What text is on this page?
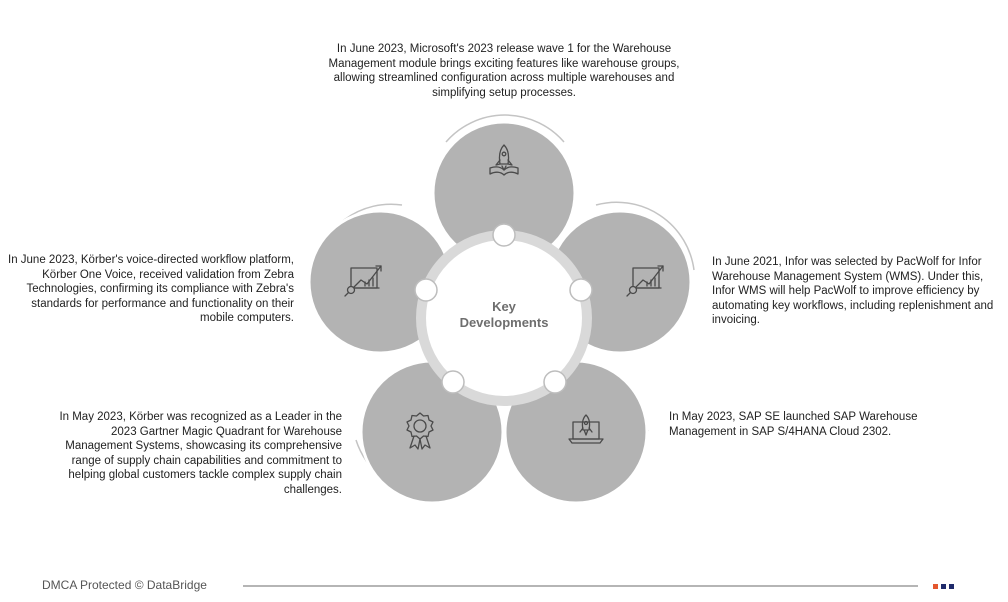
Key
Developments

In June 2023, Microsoft's 2023 release wave 1 for the Warehouse Management module brings exciting features like warehouse groups, allowing streamlined configuration across multiple warehouses and simplifying setup processes.

In June 2021, Infor was selected by PacWolf for Infor Warehouse Management System (WMS). Under this, Infor WMS will help PacWolf to improve efficiency by automating key workflows, including replenishment and invoicing.

In May 2023, SAP SE launched SAP Warehouse Management in SAP S/4HANA Cloud 2302.

In May 2023, Körber was recognized as a Leader in the 2023 Gartner Magic Quadrant for Warehouse Management Systems, showcasing its comprehensive range of supply chain capabilities and commitment to helping global customers tackle complex supply chain challenges.

In June 2023, Körber's voice-directed workflow platform, Körber One Voice, received validation from Zebra Technologies, confirming its compliance with Zebra's standards for performance and functionality on their mobile computers.

DMCA Protected © DataBridge
